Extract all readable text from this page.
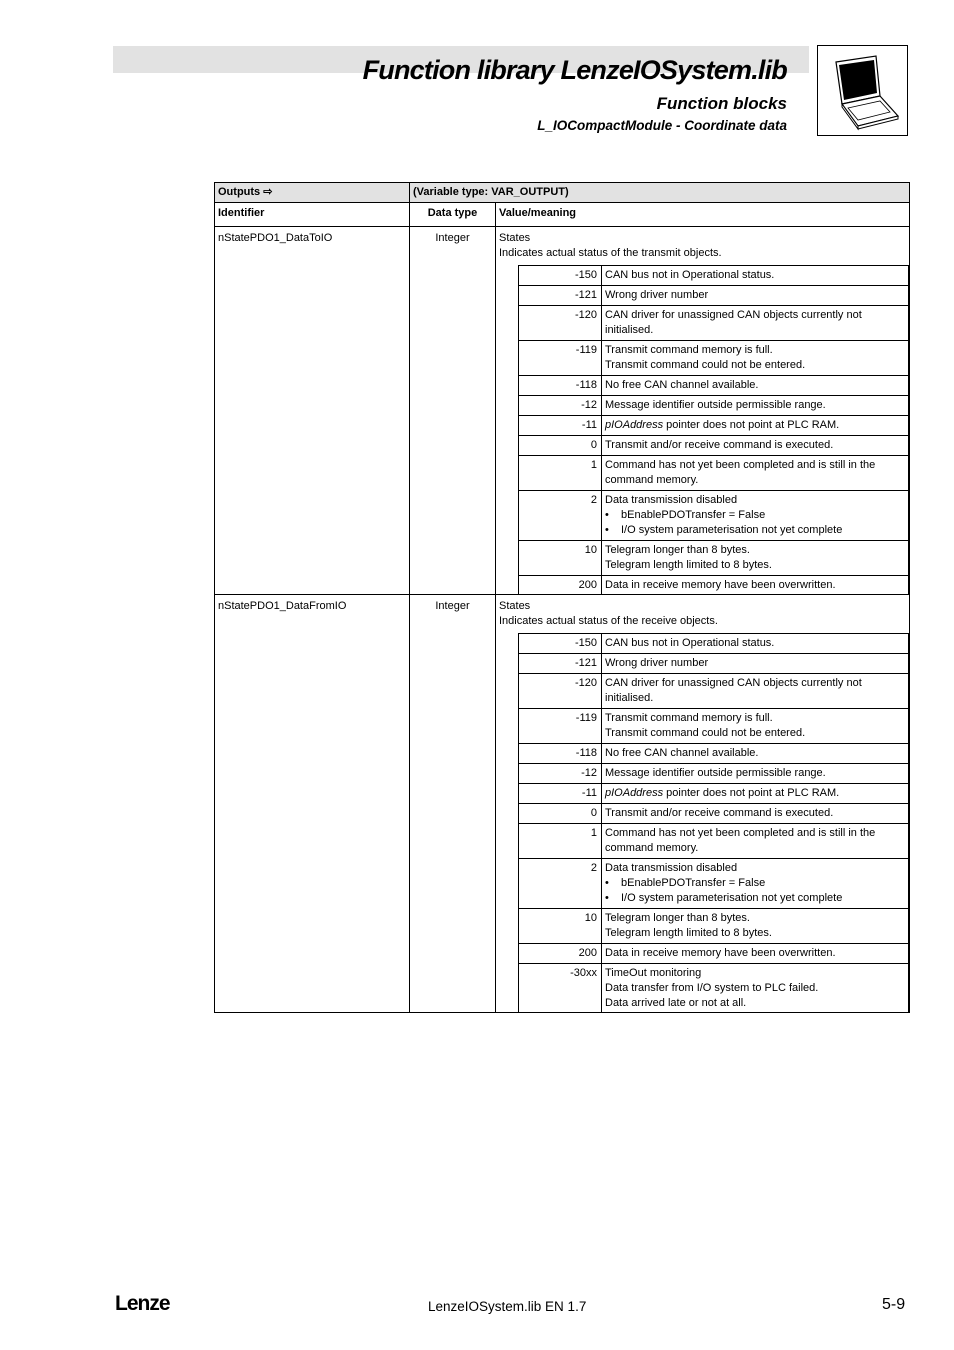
Function library LenzeIOSystem.lib
Function blocks
L_IOCompactModule - Coordinate data
Outputs ⇨	(Variable type: VAR_OUTPUT)
Identifier	Data type	Value/meaning
nStatePDO1_DataToIO	Integer	States
Indicates actual status of the transmit objects.
-150	CAN bus not in Operational status.

-121	Wrong driver number

-120	CAN driver for unassigned CAN objects currently not initialised.

-119	Transmit command memory is full.
Transmit command could not be entered.

-118	No free CAN channel available.

-12	Message identifier outside permissible range.

-11	pIOAddress pointer does not point at PLC RAM.

0	Transmit and/or receive command is executed.

1	Command has not yet been completed and is still in the
command memory.

2	Data transmission disabled
• bEnablePDOTransfer = False
• I/O system parameterisation not yet complete

10	Telegram longer than 8 bytes.
Telegram length limited to 8 bytes.

200	Data in receive memory have been overwritten.

nStatePDO1_DataFromIO	Integer	States
Indicates actual status of the receive objects.
-150	CAN bus not in Operational status.

-121	Wrong driver number

-120	CAN driver for unassigned CAN objects currently not initialised.

-119	Transmit command memory is full.
Transmit command could not be entered.

-118	No free CAN channel available.

-12	Message identifier outside permissible range.

-11	pIOAddress pointer does not point at PLC RAM.

0	Transmit and/or receive command is executed.

1	Command has not yet been completed and is still in the
command memory.

2	Data transmission disabled
• bEnablePDOTransfer = False
• I/O system parameterisation not yet complete

10	Telegram longer than 8 bytes.
Telegram length limited to 8 bytes.

200	Data in receive memory have been overwritten.

-30xx	TimeOut monitoring
Data transfer from I/O system to PLC failed.
Data arrived late or not at all.
Lenze	LenzeIOSystem.lib EN 1.7	5-9
